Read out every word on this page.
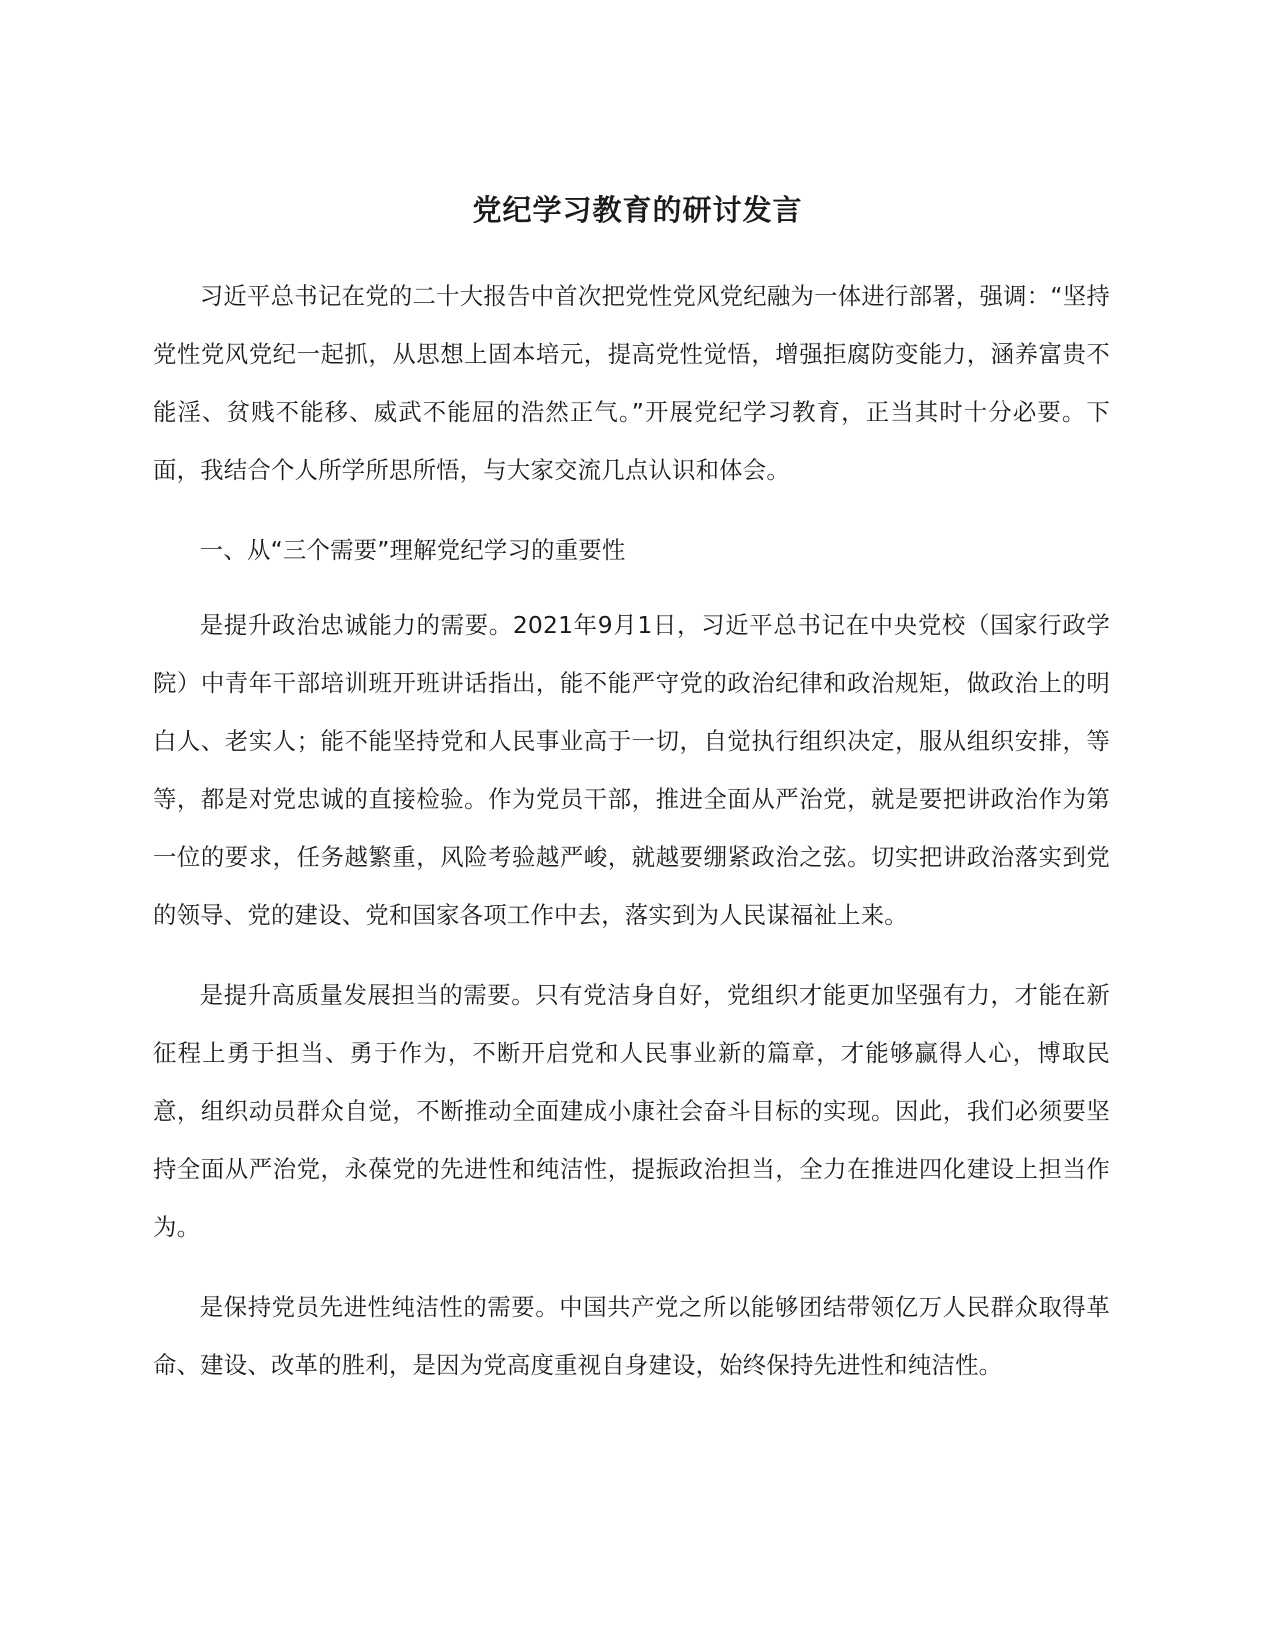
党纪学习教育的研讨发言

习近平总书记在党的二十大报告中首次把党性党风党纪融为一体进行部署，强调：“坚持党性党风党纪一起抓，从思想上固本培元，提高党性觉悟，增强拒腐防变能力，涵养富贵不能淫、贫贱不能移、威武不能屈的浩然正气。”开展党纪学习教育，正当其时十分必要。下面，我结合个人所学所思所悟，与大家交流几点认识和体会。

一、从“三个需要”理解党纪学习的重要性

是提升政治忠诚能力的需要。2021年9月1日，习近平总书记在中央党校（国家行政学院）中青年干部培训班开班讲话指出，能不能严守党的政治纪律和政治规矩，做政治上的明白人、老实人；能不能坚持党和人民事业高于一切，自觉执行组织决定，服从组织安排，等等，都是对党忠诚的直接检验。作为党员干部，推进全面从严治党，就是要把讲政治作为第一位的要求，任务越繁重，风险考验越严峻，就越要绷紧政治之弦。切实把讲政治落实到党的领导、党的建设、党和国家各项工作中去，落实到为人民谋福祉上来。

是提升高质量发展担当的需要。只有党洁身自好，党组织才能更加坚强有力，才能在新征程上勇于担当、勇于作为，不断开启党和人民事业新的篇章，才能够赢得人心，博取民意，组织动员群众自觉，不断推动全面建成小康社会奋斗目标的实现。因此，我们必须要坚持全面从严治党，永葆党的先进性和纯洁性，提振政治担当，全力在推进四化建设上担当作为。

是保持党员先进性纯洁性的需要。中国共产党之所以能够团结带领亿万人民群众取得革命、建设、改革的胜利，是因为党高度重视自身建设，始终保持先进性和纯洁性。
